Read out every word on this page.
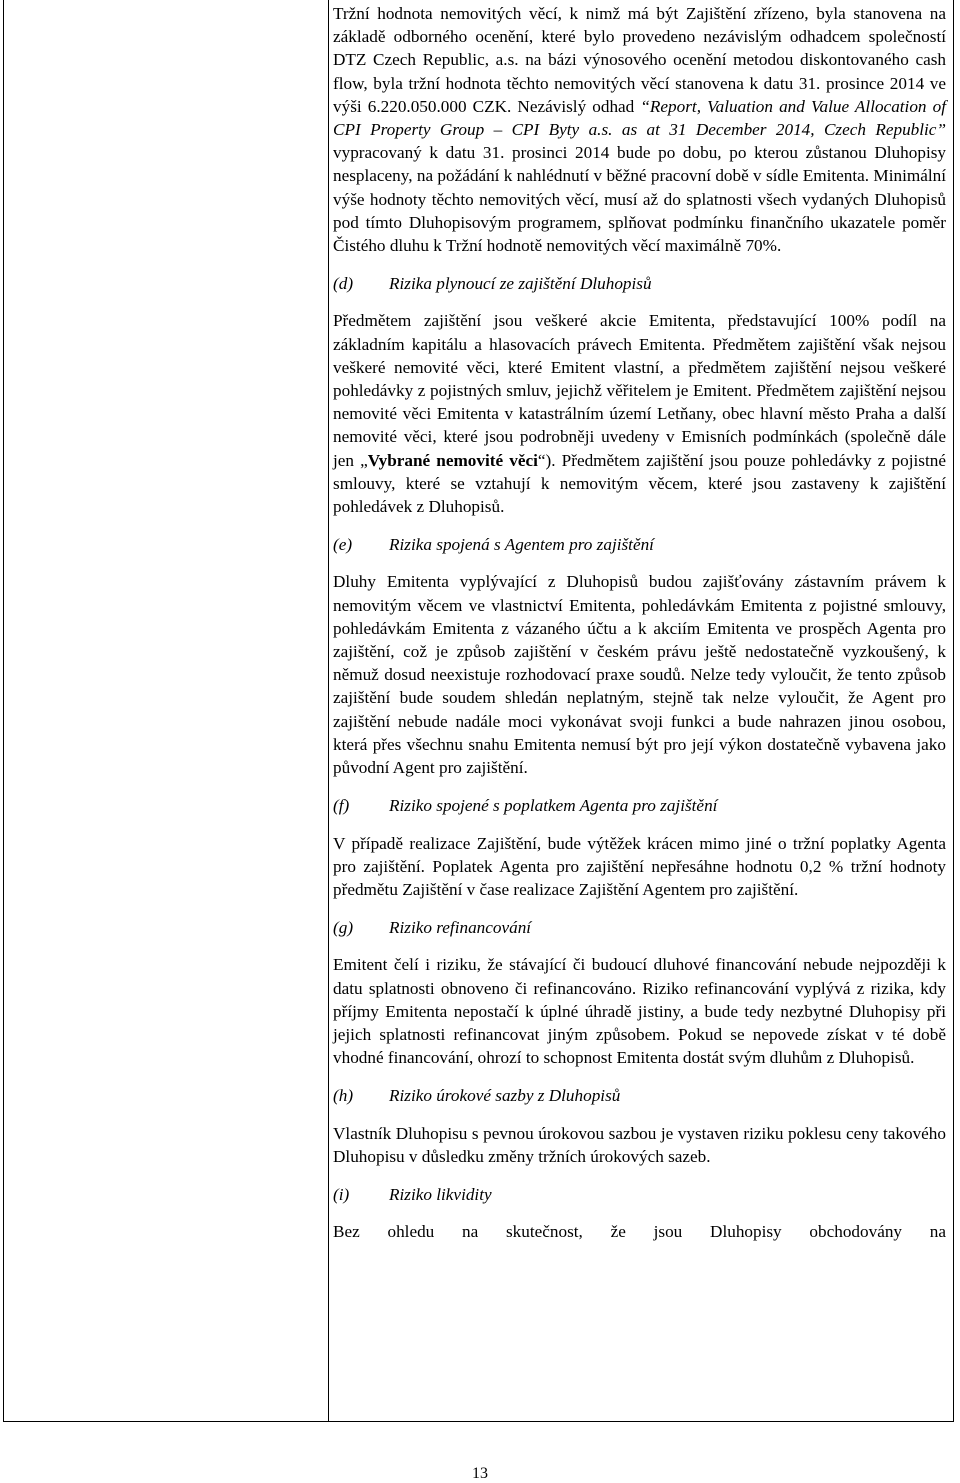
Tržní hodnota nemovitých věcí, k nimž má být Zajištění zřízeno, byla stanovena na základě odborného ocenění, které bylo provedeno nezávislým odhadcem společností DTZ Czech Republic, a.s. na bázi výnosového ocenění metodou diskontovaného cash flow, byla tržní hodnota těchto nemovitých věcí stanovena k datu 31. prosince 2014 ve výši 6.220.050.000 CZK. Nezávislý odhad “Report, Valuation and Value Allocation of CPI Property Group – CPI Byty a.s. as at 31 December 2014, Czech Republic” vypracovaný k datu 31. prosinci 2014 bude po dobu, po kterou zůstanou Dluhopisy nesplaceny, na požádání k nahlédnutí v běžné pracovní době v sídle Emitenta. Minimální výše hodnoty těchto nemovitých věcí, musí až do splatnosti všech vydaných Dluhopisů pod tímto Dluhopisovým programem, splňovat podmínku finančního ukazatele poměr Čistého dluhu k Tržní hodnotě nemovitých věcí maximálně 70%.

(d)	Rizika plynoucí ze zajištění Dluhopisů

Předmětem zajištění jsou veškeré akcie Emitenta, představující 100% podíl na základním kapitálu a hlasovacích právech Emitenta. Předmětem zajištění však nejsou veškeré nemovité věci, které Emitent vlastní, a předmětem zajištění nejsou veškeré pohledávky z pojistných smluv, jejichž věřitelem je Emitent. Předmětem zajištění nejsou nemovité věci Emitenta v katastrálním území Letňany, obec hlavní město Praha a další nemovité věci, které jsou podrobněji uvedeny v Emisních podmínkách (společně dále jen „Vybrané nemovité věci“). Předmětem zajištění jsou pouze pohledávky z pojistné smlouvy, které se vztahují k nemovitým věcem, které jsou zastaveny k zajištění pohledávek z Dluhopisů.

(e)	Rizika spojená s Agentem pro zajištění

Dluhy Emitenta vyplývající z Dluhopisů budou zajišťovány zástavním právem k nemovitým věcem ve vlastnictví Emitenta, pohledávkám Emitenta z pojistné smlouvy, pohledávkám Emitenta z vázaného účtu a k akciím Emitenta ve prospěch Agenta pro zajištění, což je způsob zajištění v českém právu ještě nedostatečně vyzkoušený, k němuž dosud neexistuje rozhodovací praxe soudů. Nelze tedy vyloučit, že tento způsob zajištění bude soudem shledán neplatným, stejně tak nelze vyloučit, že Agent pro zajištění nebude nadále moci vykonávat svoji funkci a bude nahrazen jinou osobou, která přes všechnu snahu Emitenta nemusí být pro její výkon dostatečně vybavena jako původní Agent pro zajištění.

(f)	Riziko spojené s poplatkem Agenta pro zajištění

V případě realizace Zajištění, bude výtěžek krácen mimo jiné o tržní poplatky Agenta pro zajištění. Poplatek Agenta pro zajištění nepřesáhne hodnotu 0,2 % tržní hodnoty předmětu Zajištění v čase realizace Zajištění Agentem pro zajištění.

(g)	Riziko refinancování

Emitent čelí i riziku, že stávající či budoucí dluhové financování nebude nejpozději k datu splatnosti obnoveno či refinancováno. Riziko refinancování vyplývá z rizika, kdy příjmy Emitenta nepostačí k úplné úhradě jistiny, a bude tedy nezbytné Dluhopisy při jejich splatnosti refinancovat jiným způsobem. Pokud se nepovede získat v té době vhodné financování, ohrozí to schopnost Emitenta dostát svým dluhům z Dluhopisů.

(h)	Riziko úrokové sazby z Dluhopisů

Vlastník Dluhopisu s pevnou úrokovou sazbou je vystaven riziku poklesu ceny takového Dluhopisu v důsledku změny tržních úrokových sazeb.

(i)	Riziko likvidity

Bez ohledu na skutečnost, že jsou Dluhopisy obchodovány na

13
